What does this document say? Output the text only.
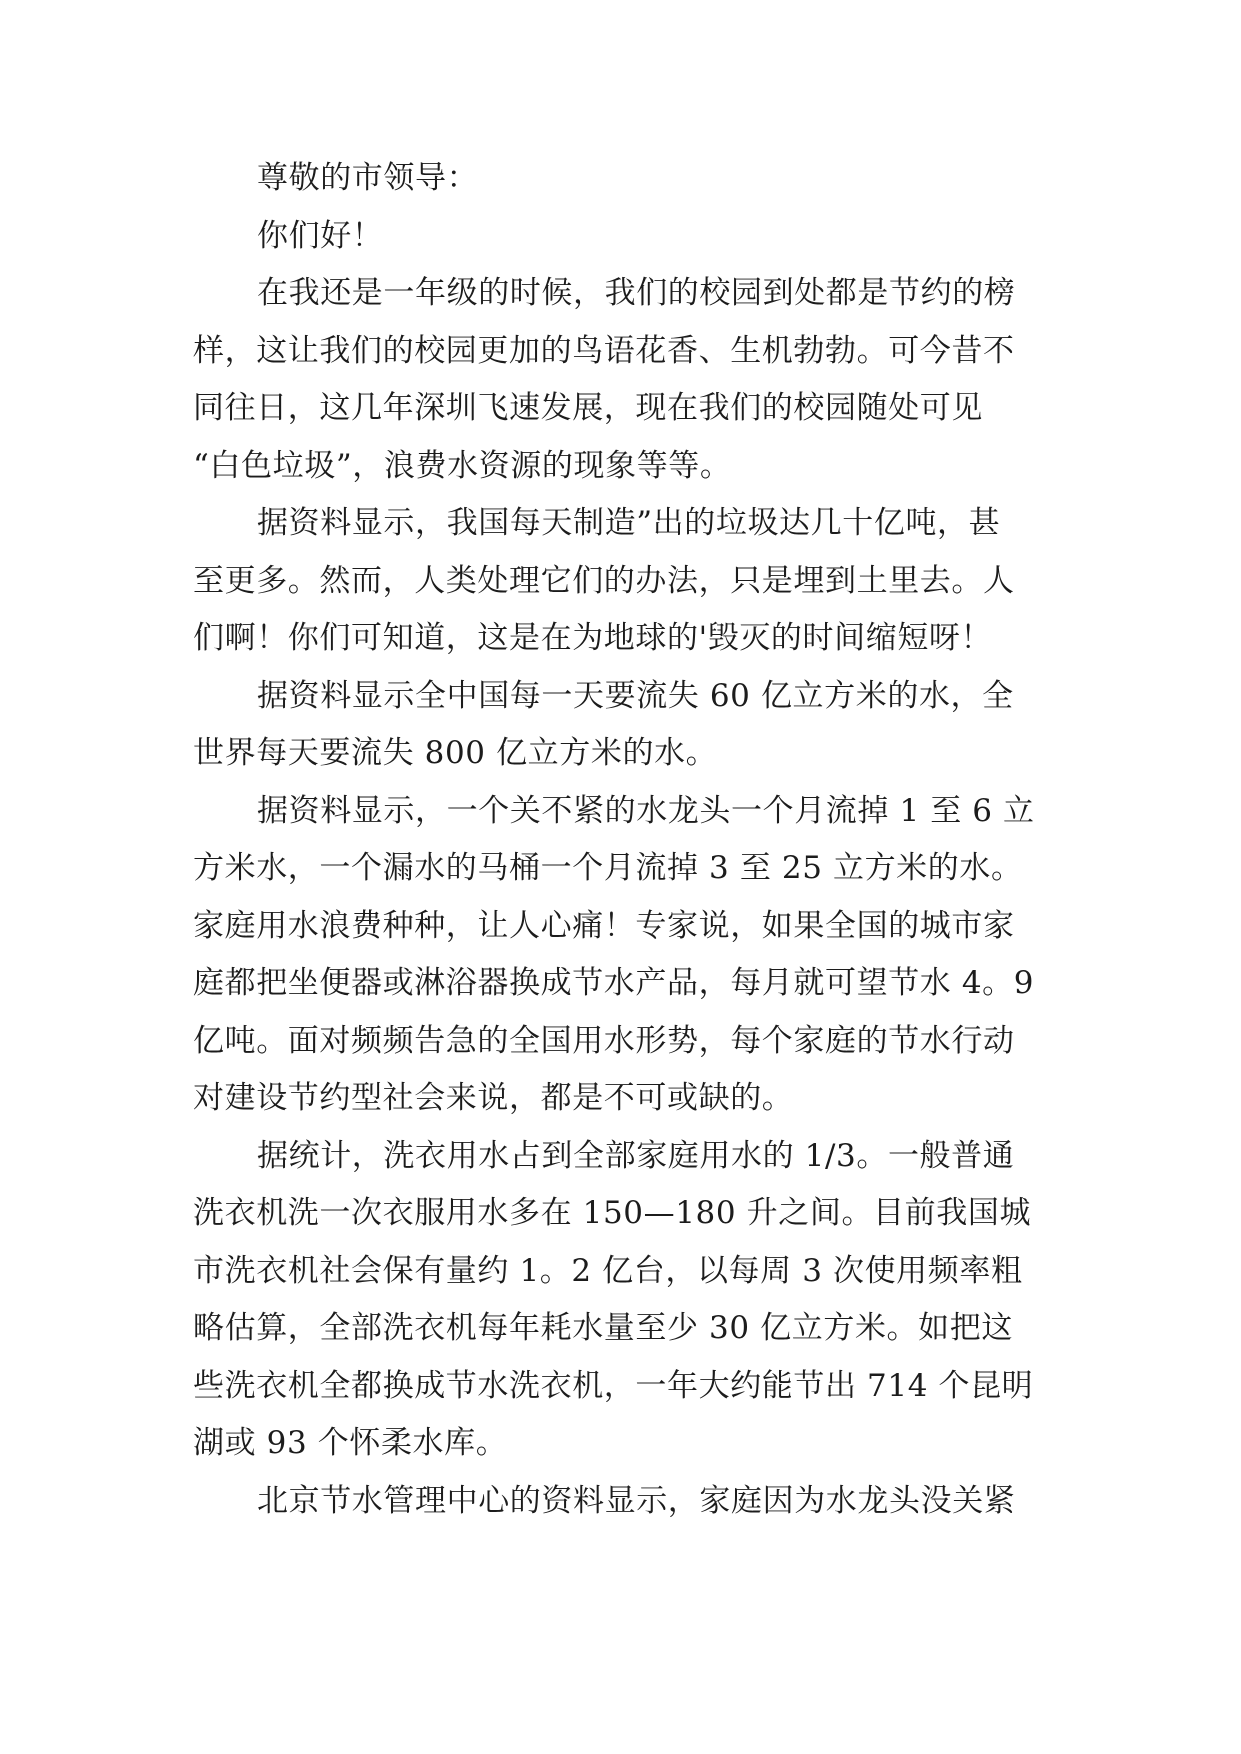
尊敬的市领导：
你们好！
在我还是一年级的时候，我们的校园到处都是节约的榜
样，这让我们的校园更加的鸟语花香、生机勃勃。可今昔不
同往日，这几年深圳飞速发展，现在我们的校园随处可见
“白色垃圾”，浪费水资源的现象等等。
据资料显示，我国每天制造”出的垃圾达几十亿吨，甚
至更多。然而，人类处理它们的办法，只是埋到土里去。人
们啊！你们可知道，这是在为地球的'毁灭的时间缩短呀！
据资料显示全中国每一天要流失 60 亿立方米的水，全
世界每天要流失 800 亿立方米的水。
据资料显示，一个关不紧的水龙头一个月流掉 1 至 6 立
方米水，一个漏水的马桶一个月流掉 3 至 25 立方米的水。
家庭用水浪费种种，让人心痛！专家说，如果全国的城市家
庭都把坐便器或淋浴器换成节水产品，每月就可望节水 4。9
亿吨。面对频频告急的全国用水形势，每个家庭的节水行动
对建设节约型社会来说，都是不可或缺的。
据统计，洗衣用水占到全部家庭用水的 1/3。一般普通
洗衣机洗一次衣服用水多在 150—180 升之间。目前我国城
市洗衣机社会保有量约 1。2 亿台，以每周 3 次使用频率粗
略估算，全部洗衣机每年耗水量至少 30 亿立方米。如把这
些洗衣机全都换成节水洗衣机，一年大约能节出 714 个昆明
湖或 93 个怀柔水库。
北京节水管理中心的资料显示，家庭因为水龙头没关紧
